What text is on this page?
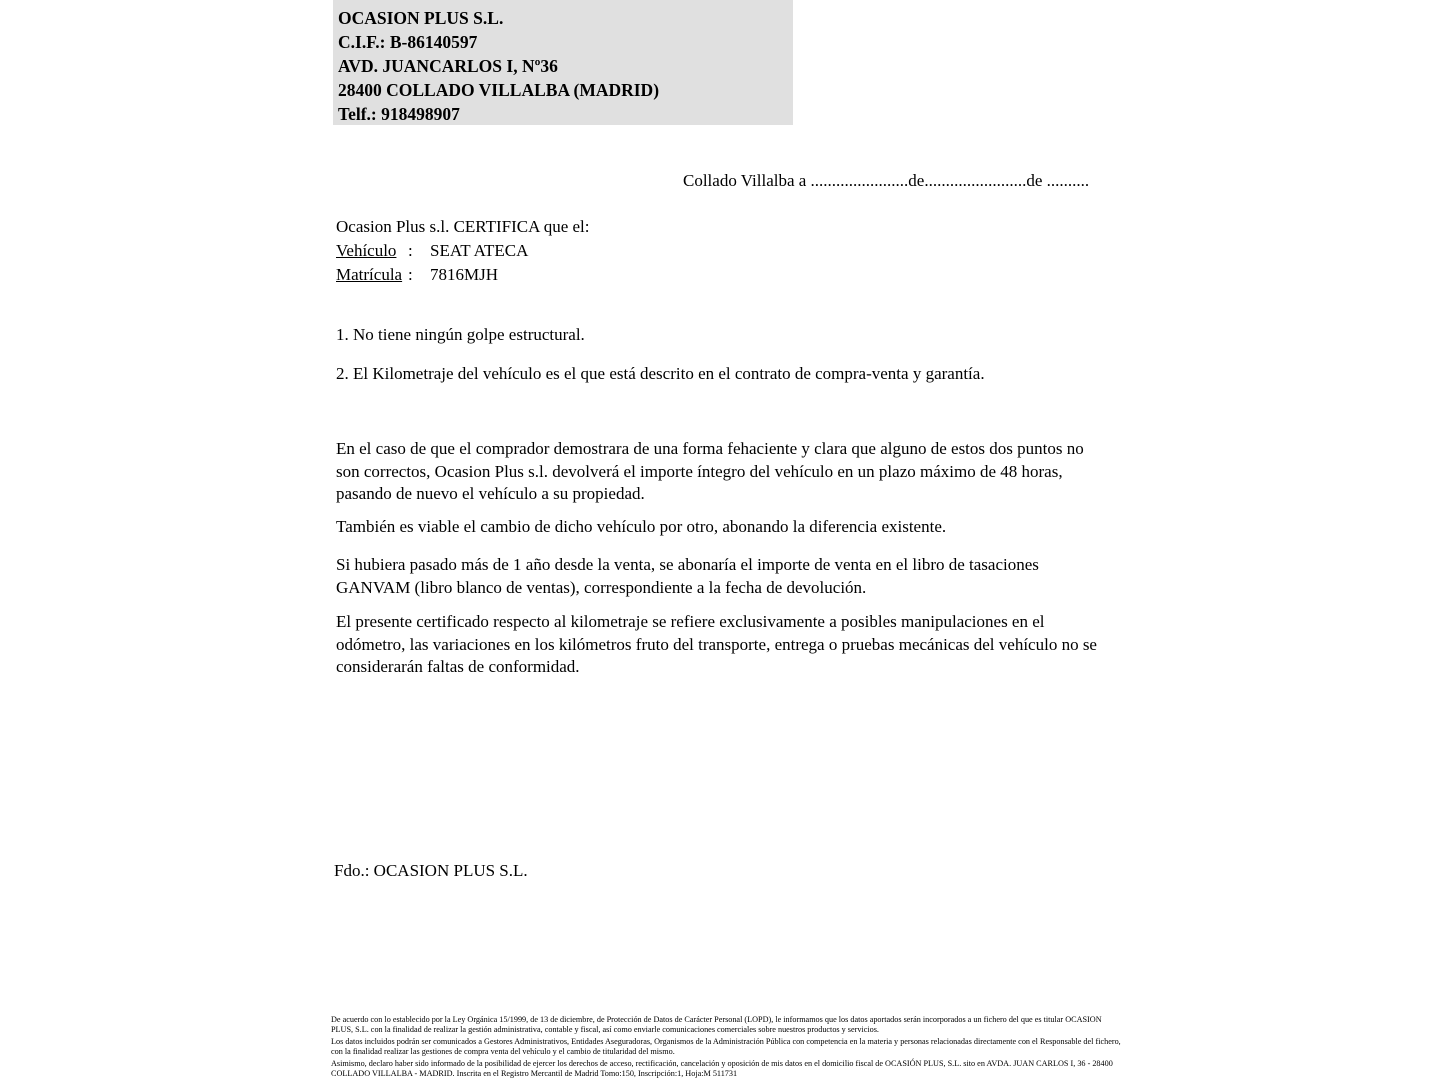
OCASION PLUS S.L.
C.I.F.: B-86140597
AVD. JUANCARLOS I, Nº36
28400 COLLADO VILLALBA (MADRID)
Telf.: 918498907
Collado Villalba a .......................de........................de ..........
Ocasion Plus s.l. CERTIFICA que el:
Vehículo :	SEAT ATECA
Matrícula :	7816MJH
1. No tiene ningún golpe estructural.
2. El Kilometraje del vehículo es el que está descrito en el contrato de compra-venta y garantía.
En el caso de que el comprador demostrara de una forma fehaciente y clara que alguno de estos dos puntos no son correctos, Ocasion Plus s.l. devolverá el importe íntegro del vehículo en un plazo máximo de 48 horas, pasando de nuevo el vehículo a su propiedad.
También es viable el cambio de dicho vehículo por otro, abonando la diferencia existente.
Si hubiera pasado más de 1 año desde la venta, se abonaría el importe de venta en el libro de tasaciones GANVAM (libro blanco de ventas), correspondiente a la fecha de devolución.
El presente certificado respecto al kilometraje se refiere exclusivamente a posibles manipulaciones en el odómetro, las variaciones en los kilómetros fruto del transporte, entrega o pruebas mecánicas del vehículo no se considerarán faltas de conformidad.
Fdo.: OCASION PLUS S.L.

De acuerdo con lo establecido por la Ley Orgánica 15/1999, de 13 de diciembre, de Protección de Datos de Carácter Personal (LOPD), le informamos que los datos aportados serán incorporados a un fichero del que es titular OCASION PLUS, S.L. con la finalidad de realizar la gestión administrativa, contable y fiscal, así como enviarle comunicaciones comerciales sobre nuestros productos y servicios.

Los datos incluidos podrán ser comunicados a Gestores Administrativos, Entidades Aseguradoras, Organismos de la Administración Pública con competencia en la materia y personas relacionadas directamente con el Responsable del fichero, con la finalidad realizar las gestiones de compra venta del vehículo y el cambio de titularidad del mismo.

Asimismo, declaro haber sido informado de la posibilidad de ejercer los derechos de acceso, rectificación, cancelación y oposición de mis datos en el domicilio fiscal de OCASIÓN PLUS, S.L. sito en AVDA. JUAN CARLOS I, 36 - 28400 COLLADO VILLALBA - MADRID. Inscrita en el Registro Mercantil de Madrid Tomo:150, Inscripción:1, Hoja:M 511731
